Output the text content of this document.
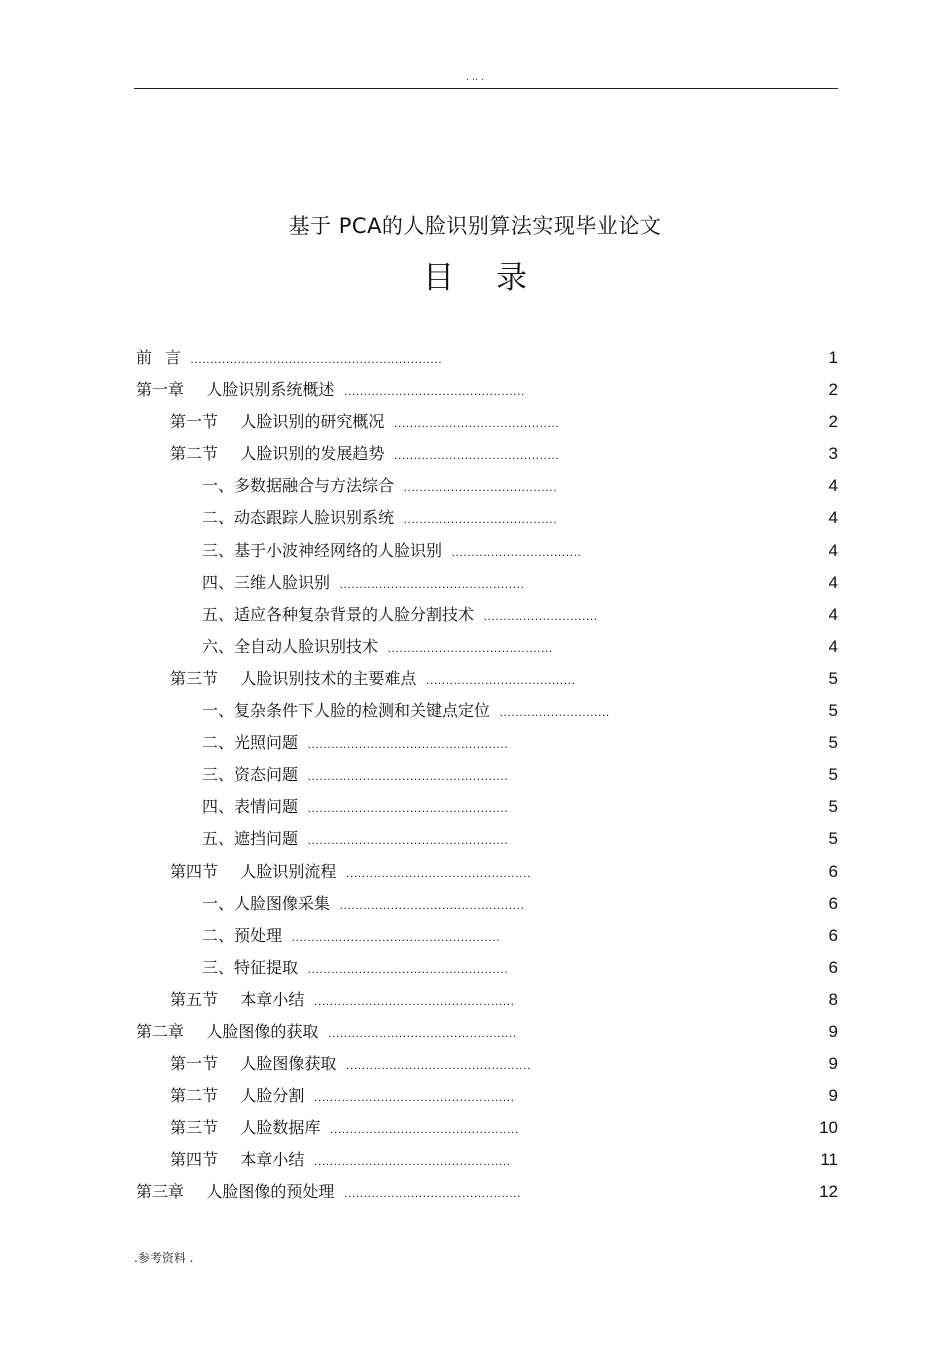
. .. .
基于 PCA的人脸识别算法实现毕业论文
目录
前 言 ................................................................	1
第一章 人脸识别系统概述 ..............................................	2
第一节 人脸识别的研究概况 ..........................................	2
第二节 人脸识别的发展趋势 ..........................................	3
一、多数据融合与方法综合 .......................................	4
二、动态跟踪人脸识别系统 .......................................	4
三、基于小波神经网络的人脸识别 .................................	4
四、三维人脸识别 ...............................................	4
五、适应各种复杂背景的人脸分割技术 .............................	4
六、全自动人脸识别技术 ..........................................	4
第三节 人脸识别技术的主要难点 ......................................	5
一、复杂条件下人脸的检测和关键点定位 ............................	5
二、光照问题 ...................................................	5
三、资态问题 ...................................................	5
四、表情问题 ...................................................	5
五、遮挡问题 ...................................................	5
第四节 人脸识别流程 ...............................................	6
一、人脸图像采集 ...............................................	6
二、预处理 .....................................................	6
三、特征提取 ...................................................	6
第五节 本章小结 ...................................................	8
第二章 人脸图像的获取 ................................................	9
第一节 人脸图像获取 ...............................................	9
第二节 人脸分割 ...................................................	9
第三节 人脸数据库 ................................................	10
第四节 本章小结 ..................................................	11
第三章 人脸图像的预处理 .............................................	12
.参考资料 .
